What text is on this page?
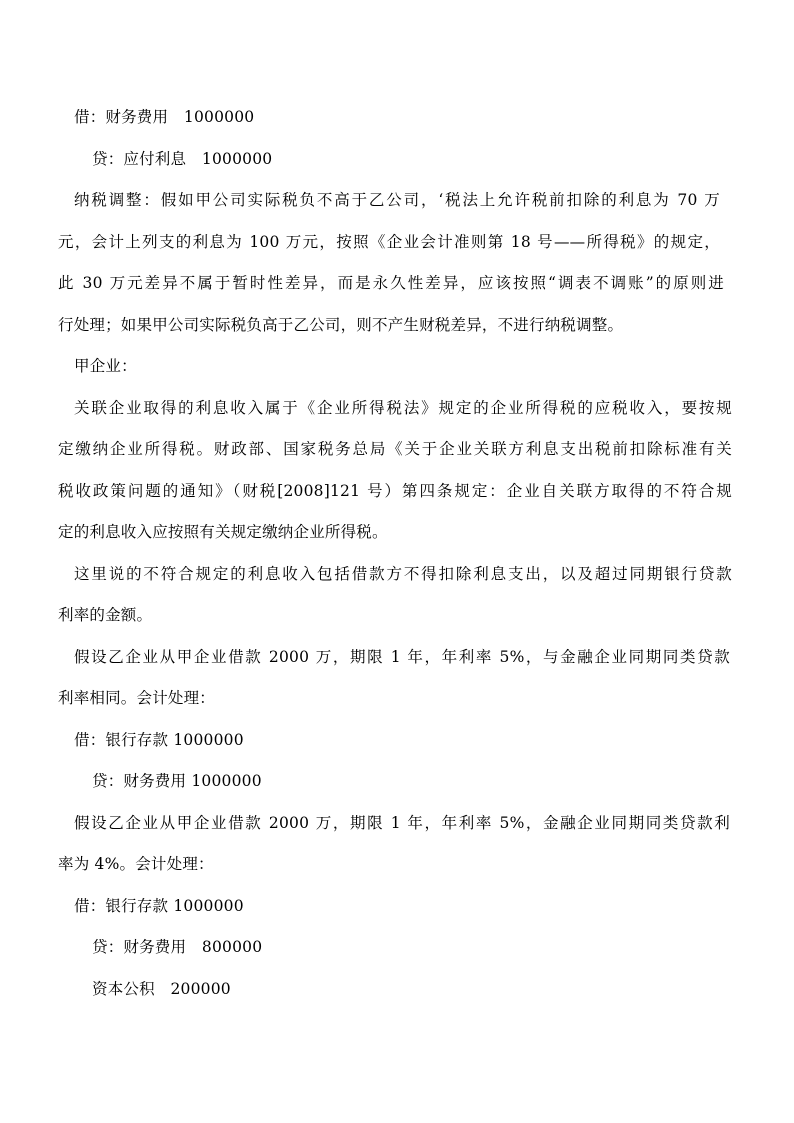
借：财务费用　1000000
贷：应付利息　1000000
纳税调整：假如甲公司实际税负不高于乙公司，‘税法上允许税前扣除的利息为 70 万
元，会计上列支的利息为 100 万元，按照《企业会计准则第 18 号——所得税》的规定，
此 30 万元差异不属于暂时性差异，而是永久性差异，应该按照“调表不调账”的原则进
行处理；如果甲公司实际税负高于乙公司，则不产生财税差异，不进行纳税调整。
甲企业：
关联企业取得的利息收入属于《企业所得税法》规定的企业所得税的应税收入，要按规
定缴纳企业所得税。财政部、国家税务总局《关于企业关联方利息支出税前扣除标准有关
税收政策问题的通知》（财税[2008]121 号）第四条规定：企业自关联方取得的不符合规
定的利息收入应按照有关规定缴纳企业所得税。
这里说的不符合规定的利息收入包括借款方不得扣除利息支出，以及超过同期银行贷款
利率的金额。
假设乙企业从甲企业借款 2000 万，期限 1 年，年利率 5%，与金融企业同期同类贷款
利率相同。会计处理：
借：银行存款 1000000
贷：财务费用 1000000
假设乙企业从甲企业借款 2000 万，期限 1 年，年利率 5%，金融企业同期同类贷款利
率为 4%。会计处理：
借：银行存款 1000000
贷：财务费用　800000
资本公积　200000
